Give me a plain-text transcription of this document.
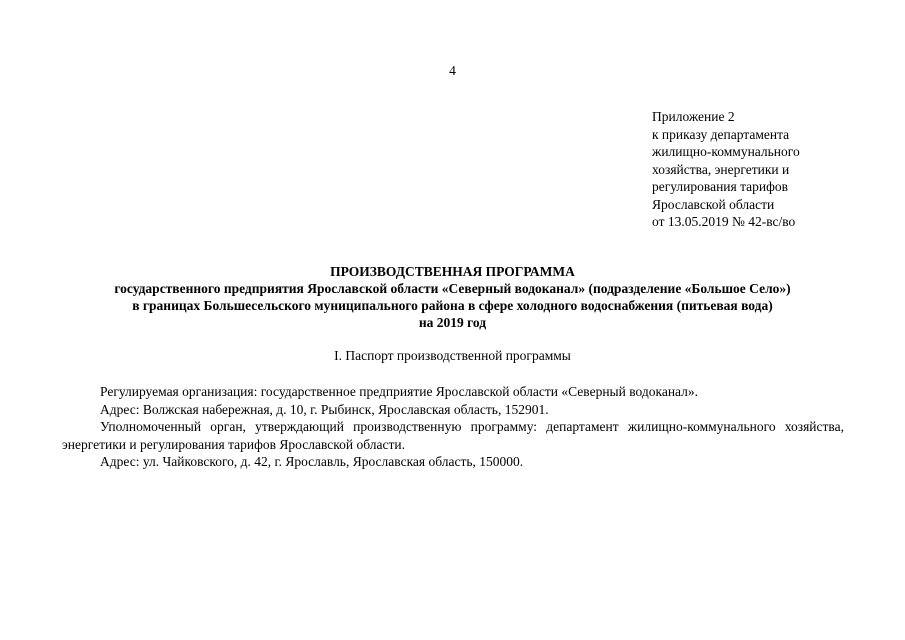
4
Приложение 2
к приказу департамента
жилищно-коммунального
хозяйства, энергетики и
регулирования тарифов
Ярославской области
от 13.05.2019 № 42-вс/во
ПРОИЗВОДСТВЕННАЯ ПРОГРАММА
государственного предприятия Ярославской области «Северный водоканал» (подразделение «Большое Село»)
в границах Большесельского муниципального района в сфере холодного водоснабжения (питьевая вода)
на 2019 год
I. Паспорт производственной программы
Регулируемая организация: государственное предприятие Ярославской области «Северный водоканал».
Адрес: Волжская набережная, д. 10, г. Рыбинск, Ярославская область, 152901.
Уполномоченный орган, утверждающий производственную программу: департамент жилищно-коммунального хозяйства, энергетики и регулирования тарифов Ярославской области.
Адрес: ул. Чайковского, д. 42, г. Ярославль, Ярославская область, 150000.
